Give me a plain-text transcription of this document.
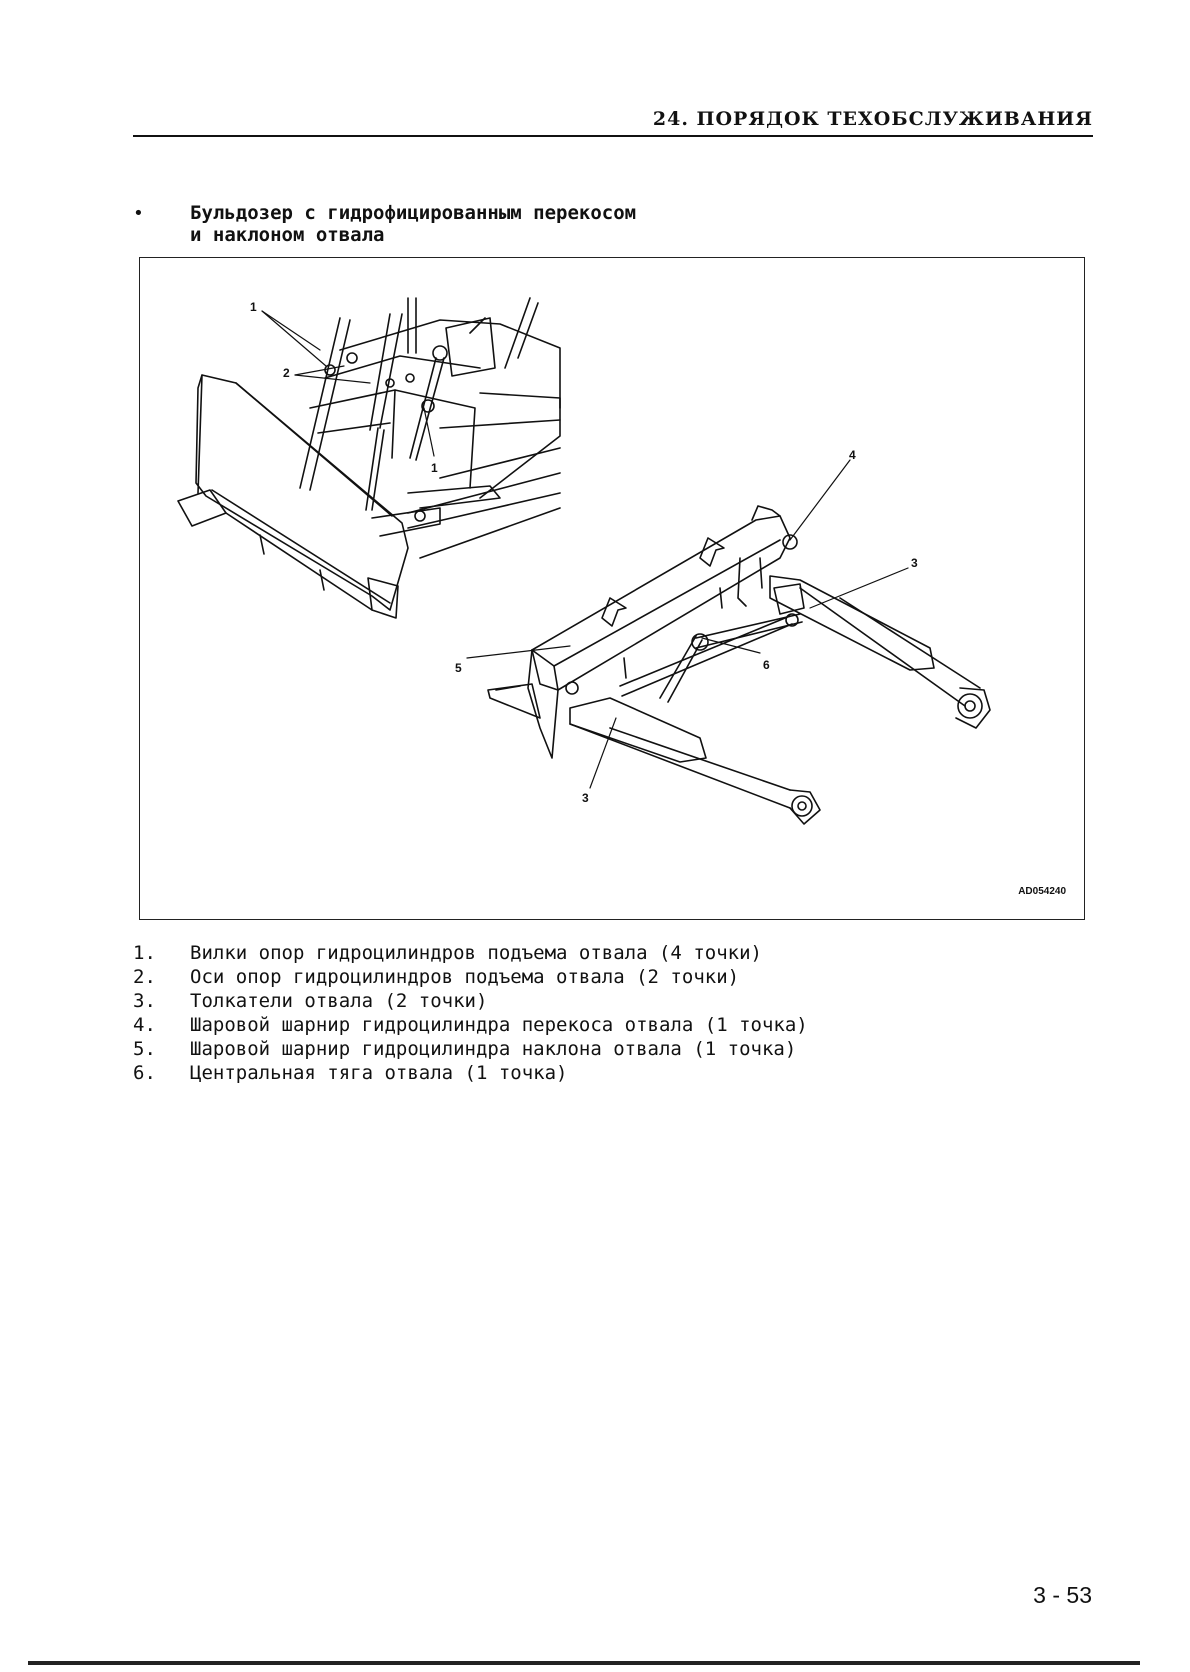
24. ПОРЯДОК ТЕХОБСЛУЖИВАНИЯ
• Бульдозер с гидрофицированным перекосом
и наклоном отвала
1
2
1
4
3
5	6
3
AD054240
1.	Вилки опор гидроцилиндров подъема отвала (4 точки)
2.	Оси опор гидроцилиндров подъема отвала (2 точки)
3.	Толкатели отвала (2 точки)
4.	Шаровой шарнир гидроцилиндра перекоса отвала (1 точка)
5.	Шаровой шарнир гидроцилиндра наклона отвала (1 точка)
6.	Центральная тяга отвала (1 точка)
3 - 53
